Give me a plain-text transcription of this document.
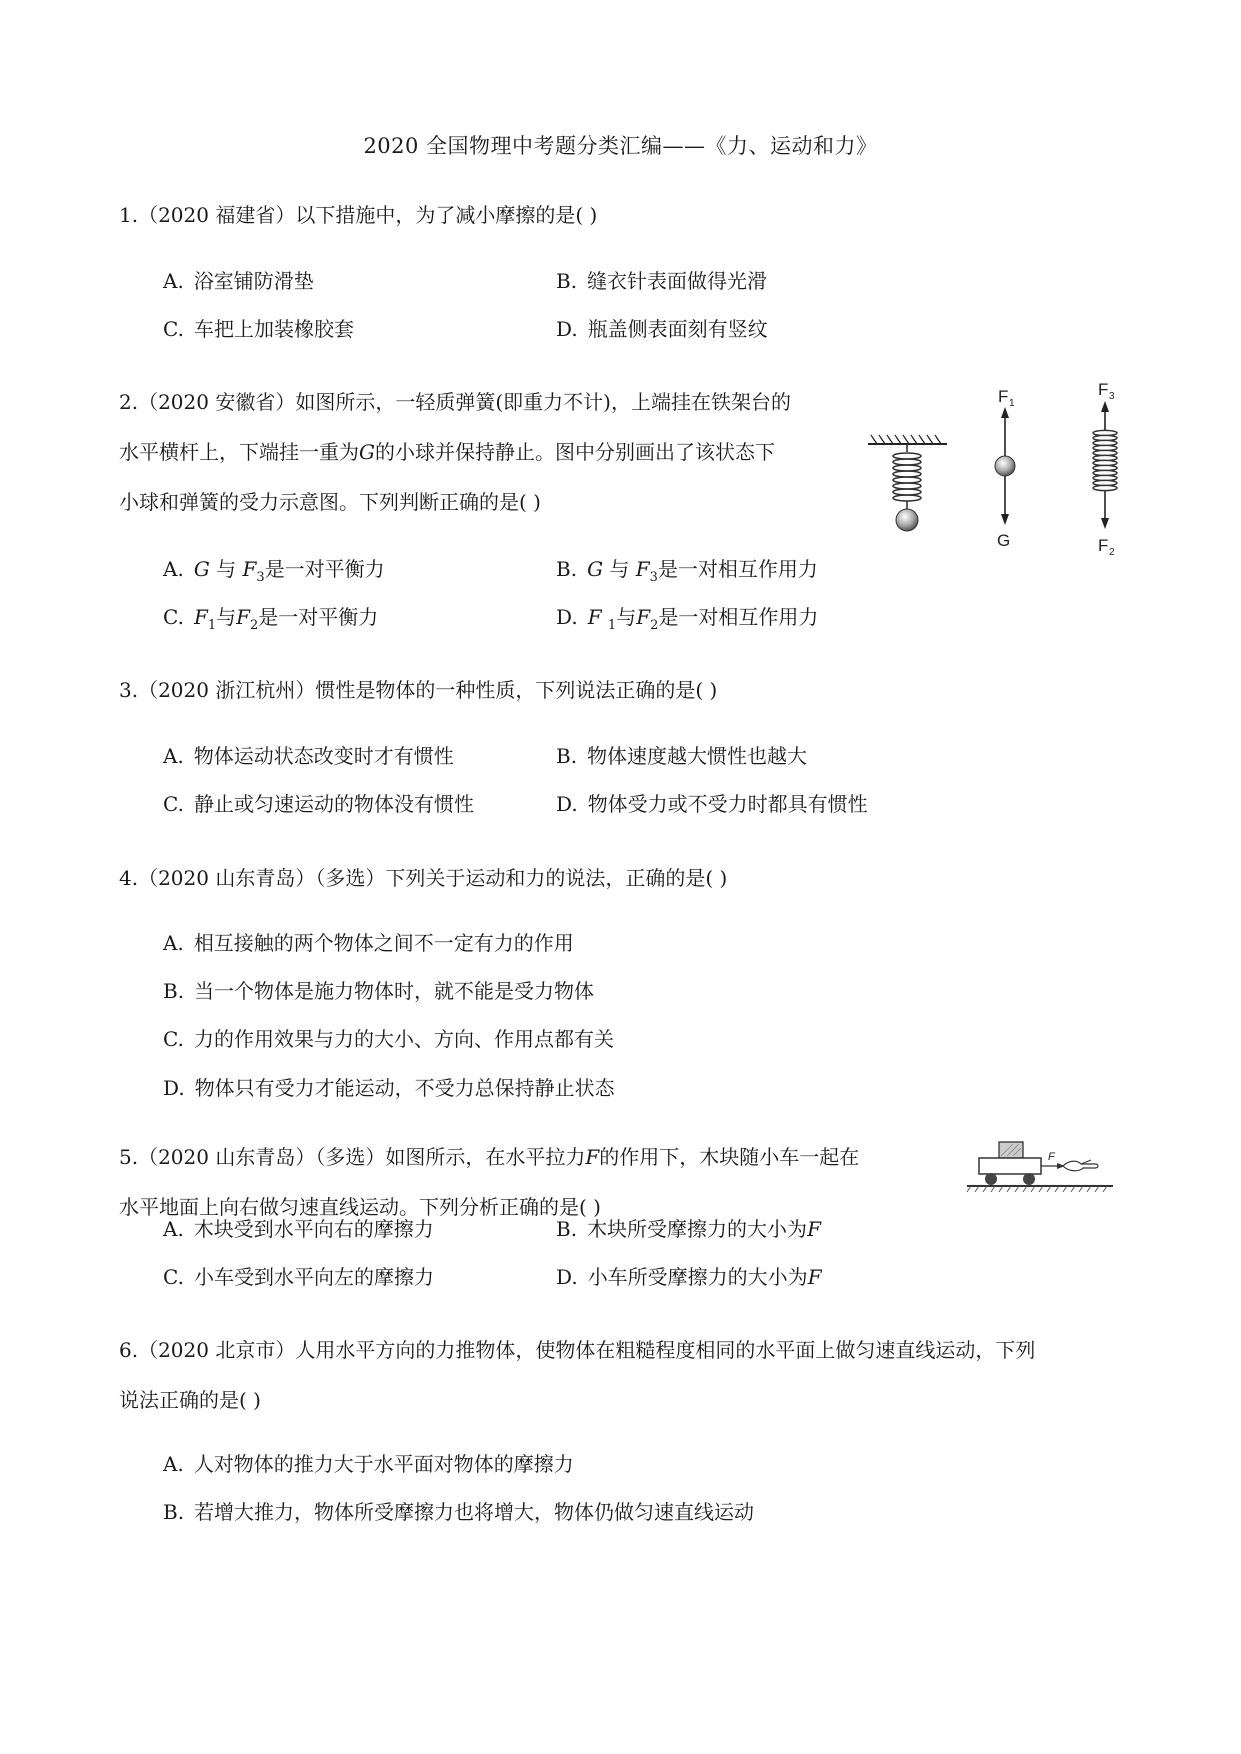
2020 全国物理中考题分类汇编——《力、运动和力》
1.（2020 福建省）以下措施中，为了减小摩擦的是( )
A. 浴室铺防滑垫	B. 缝衣针表面做得光滑
C. 车把上加装橡胶套	D. 瓶盖侧表面刻有竖纹
2.（2020 安徽省）如图所示，一轻质弹簧(即重力不计)，上端挂在铁架台的
水平横杆上，下端挂一重为G的小球并保持静止。图中分别画出了该状态下
小球和弹簧的受力示意图。下列判断正确的是( )
F 1
G
F 3
F 2
A. G 与 $F_3$是一对平衡力	B. G 与 $F_3$是一对相互作用力
C. $F_1$与$F_2$是一对平衡力	D. F $_1$与$F_2$是一对相互作用力
3.（2020 浙江杭州）惯性是物体的一种性质，下列说法正确的是( )
A. 物体运动状态改变时才有惯性	B. 物体速度越大惯性也越大
C. 静止或匀速运动的物体没有惯性	D. 物体受力或不受力时都具有惯性
4.（2020 山东青岛）（多选）下列关于运动和力的说法，正确的是( )
A. 相互接触的两个物体之间不一定有力的作用
B. 当一个物体是施力物体时，就不能是受力物体
C. 力的作用效果与力的大小、方向、作用点都有关
D. 物体只有受力才能运动，不受力总保持静止状态
5.（2020 山东青岛）（多选）如图所示，在水平拉力F的作用下，木块随小车一起在
水平地面上向右做匀速直线运动。下列分析正确的是( )
F
A. 木块受到水平向右的摩擦力	B. 木块所受摩擦力的大小为F
C. 小车受到水平向左的摩擦力	D. 小车所受摩擦力的大小为F
6.（2020 北京市）人用水平方向的力推物体，使物体在粗糙程度相同的水平面上做匀速直线运动，下列
说法正确的是( )
A. 人对物体的推力大于水平面对物体的摩擦力
B. 若增大推力，物体所受摩擦力也将增大，物体仍做匀速直线运动
